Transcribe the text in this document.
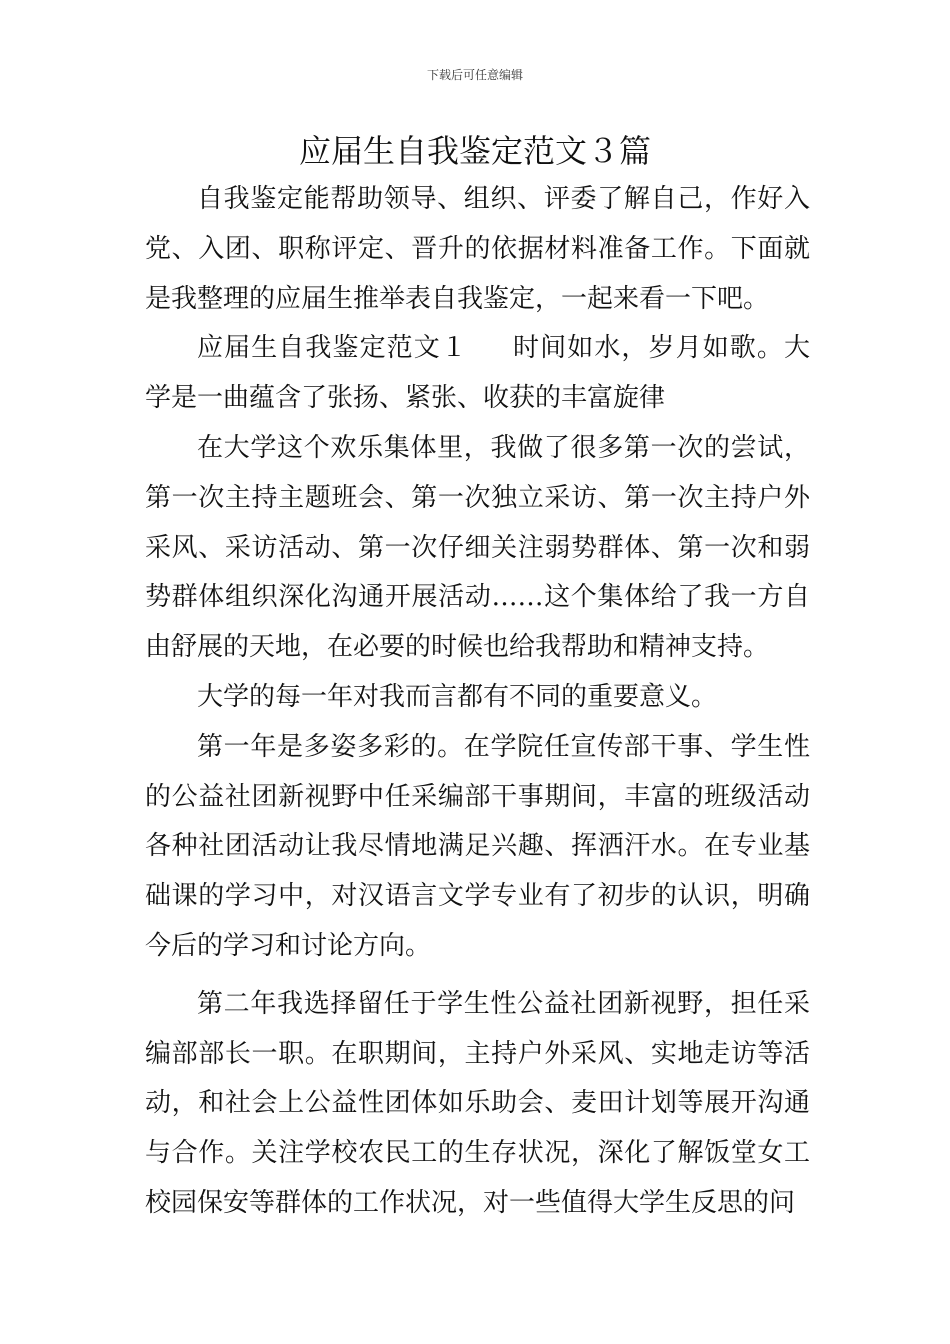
下载后可任意编辑
应届生自我鉴定范文３篇

自我鉴定能帮助领导、组织、评委了解自己，作好入党、入团、职称评定、晋升的依据材料准备工作。下面就是我整理的应届生推举表自我鉴定，一起来看一下吧。

应届生自我鉴定范文１ 时间如水，岁月如歌。大学是一曲蕴含了张扬、紧张、收获的丰富旋律

在大学这个欢乐集体里，我做了很多第一次的尝试，第一次主持主题班会、第一次独立采访、第一次主持户外采风、采访活动、第一次仔细关注弱势群体、第一次和弱势群体组织深化沟通开展活动……这个集体给了我一方自由舒展的天地，在必要的时候也给我帮助和精神支持。

大学的每一年对我而言都有不同的重要意义。

第一年是多姿多彩的。在学院任宣传部干事、学生性的公益社团新视野中任采编部干事期间，丰富的班级活动各种社团活动让我尽情地满足兴趣、挥洒汗水。在专业基础课的学习中，对汉语言文学专业有了初步的认识，明确今后的学习和讨论方向。

第二年我选择留任于学生性公益社团新视野，担任采编部部长一职。在职期间，主持户外采风、实地走访等活动，和社会上公益性团体如乐助会、麦田计划等展开沟通与合作。关注学校农民工的生存状况，深化了解饭堂女工校园保安等群体的工作状况，对一些值得大学生反思的问
